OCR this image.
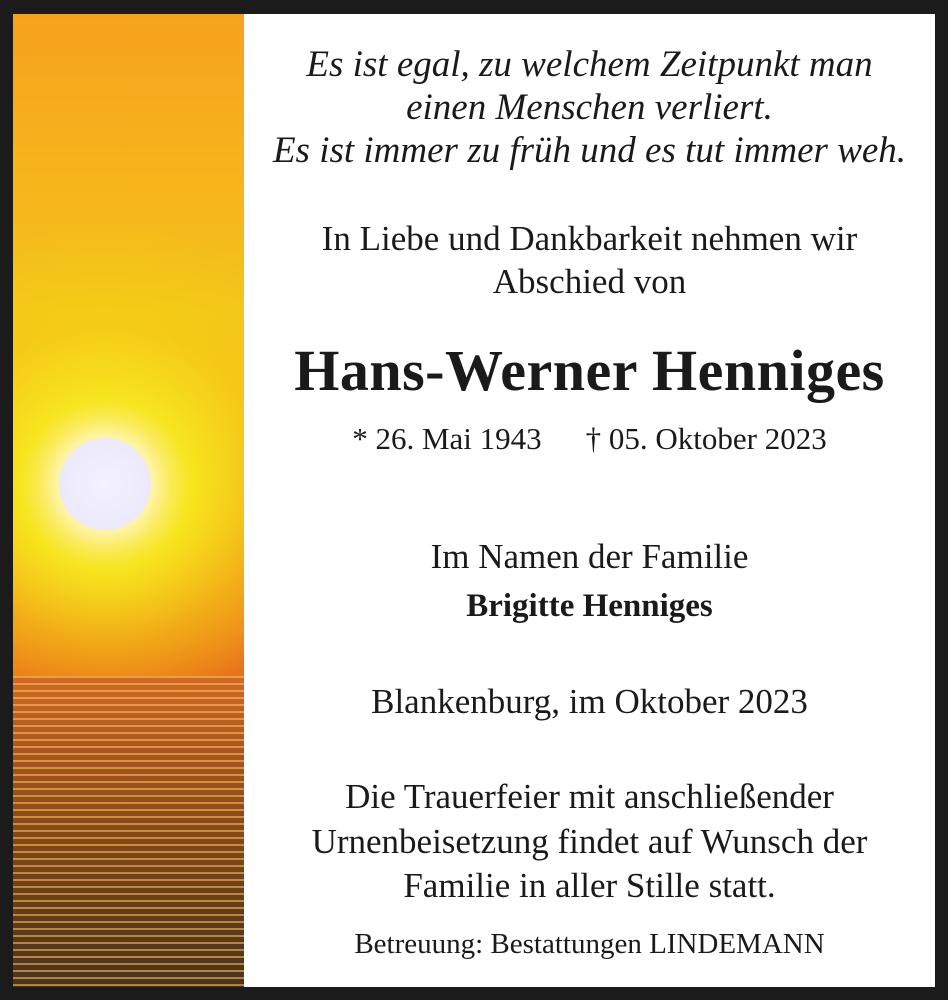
Es ist egal, zu welchem Zeitpunkt man

einen Menschen verliert.

Es ist immer zu früh und es tut immer weh.

In Liebe und Dankbarkeit nehmen wir

Abschied von

Hans-Werner Henniges

* 26. Mai 1943 † 05. Oktober 2023

Im Namen der Familie

Brigitte Henniges

Blankenburg, im Oktober 2023

Die Trauerfeier mit anschließender

Urnenbeisetzung findet auf Wunsch der

Familie in aller Stille statt.

Betreuung: Bestattungen LINDEMANN
